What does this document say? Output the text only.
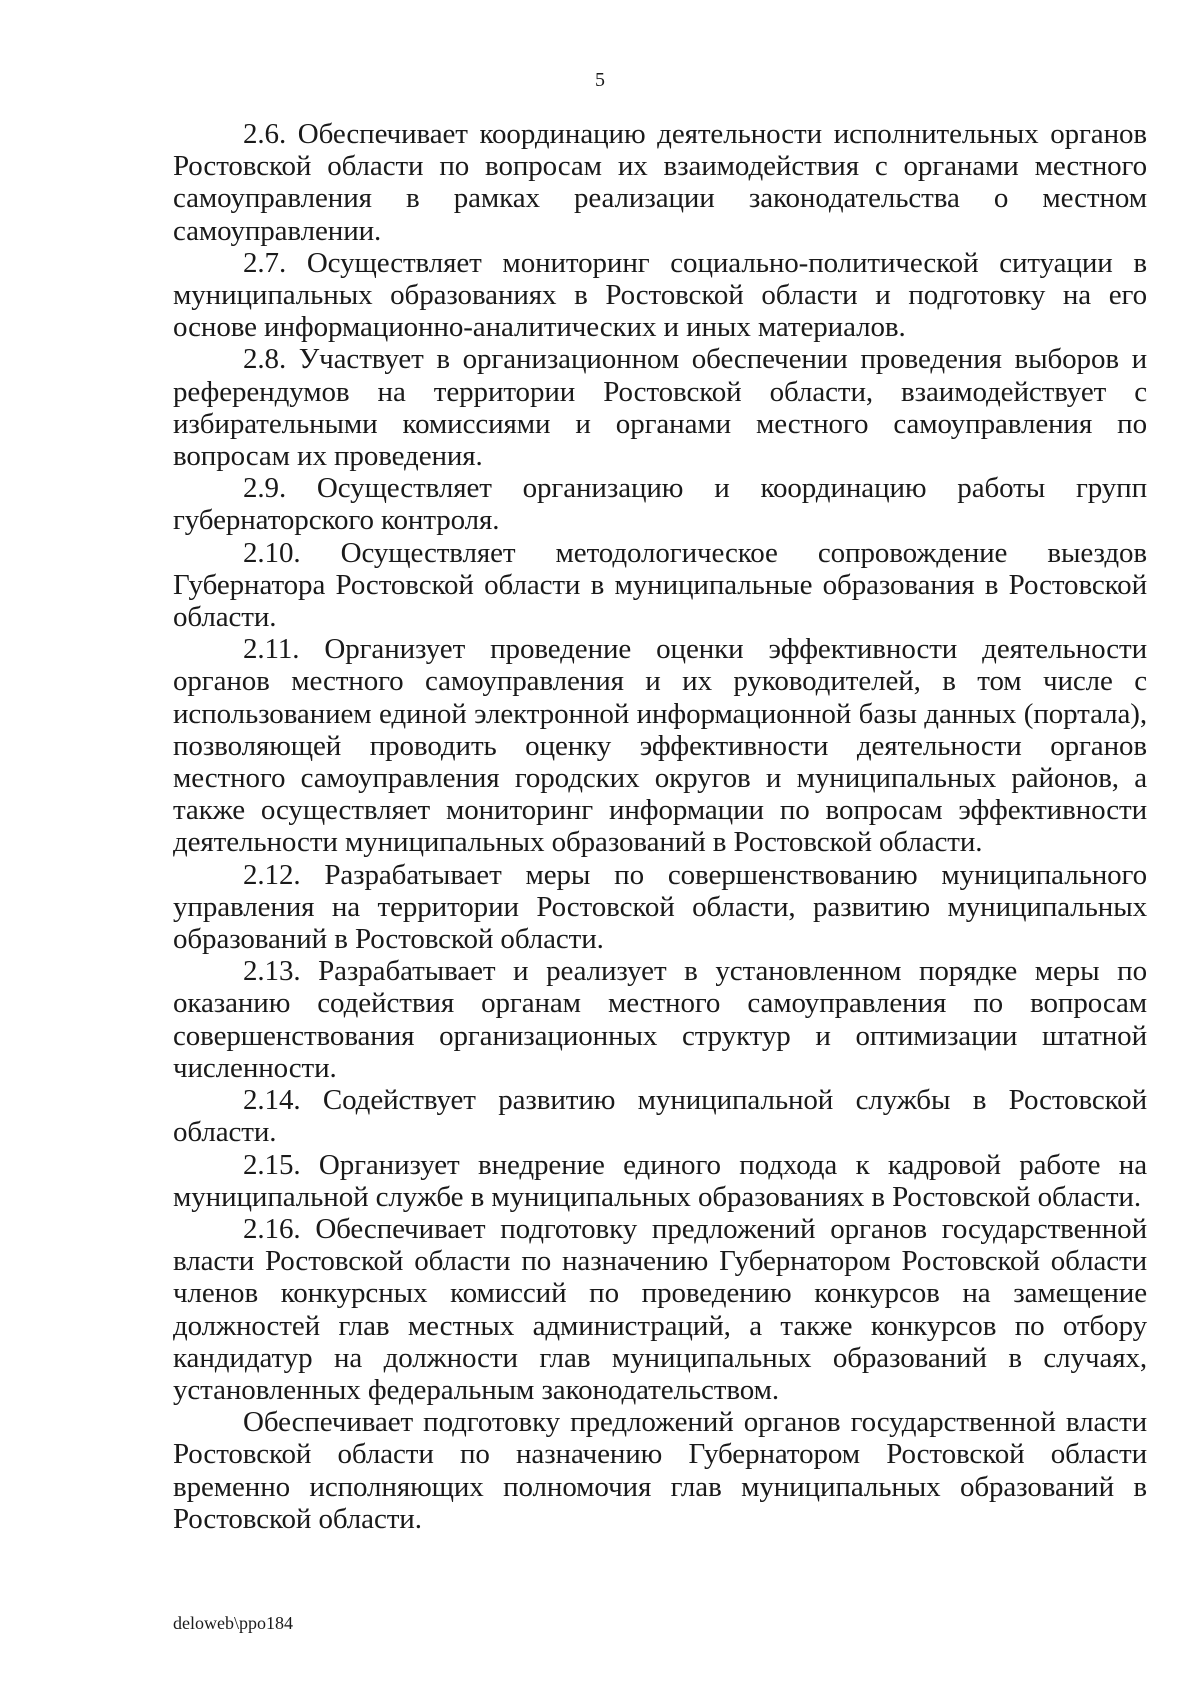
5

2.6. Обеспечивает координацию деятельности исполнительных органов Ростовской области по вопросам их взаимодействия с органами местного самоуправления в рамках реализации законодательства о местном самоуправлении.

2.7. Осуществляет мониторинг социально-политической ситуации в муниципальных образованиях в Ростовской области и подготовку на его основе информационно-аналитических и иных материалов.

2.8. Участвует в организационном обеспечении проведения выборов и референдумов на территории Ростовской области, взаимодействует с избирательными комиссиями и органами местного самоуправления по вопросам их проведения.

2.9. Осуществляет организацию и координацию работы групп губернаторского контроля.

2.10. Осуществляет методологическое сопровождение выездов Губернатора Ростовской области в муниципальные образования в Ростовской области.

2.11. Организует проведение оценки эффективности деятельности органов местного самоуправления и их руководителей, в том числе с использованием единой электронной информационной базы данных (портала), позволяющей проводить оценку эффективности деятельности органов местного самоуправления городских округов и муниципальных районов, а также осуществляет мониторинг информации по вопросам эффективности деятельности муниципальных образований в Ростовской области.

2.12. Разрабатывает меры по совершенствованию муниципального управления на территории Ростовской области, развитию муниципальных образований в Ростовской области.

2.13. Разрабатывает и реализует в установленном порядке меры по оказанию содействия органам местного самоуправления по вопросам совершенствования организационных структур и оптимизации штатной численности.

2.14. Содействует развитию муниципальной службы в Ростовской области.

2.15. Организует внедрение единого подхода к кадровой работе на муниципальной службе в муниципальных образованиях в Ростовской области.

2.16. Обеспечивает подготовку предложений органов государственной власти Ростовской области по назначению Губернатором Ростовской области членов конкурсных комиссий по проведению конкурсов на замещение должностей глав местных администраций, а также конкурсов по отбору кандидатур на должности глав муниципальных образований в случаях, установленных федеральным законодательством.

Обеспечивает подготовку предложений органов государственной власти Ростовской области по назначению Губернатором Ростовской области временно исполняющих полномочия глав муниципальных образований в Ростовской области.

deloweb\ppo184
